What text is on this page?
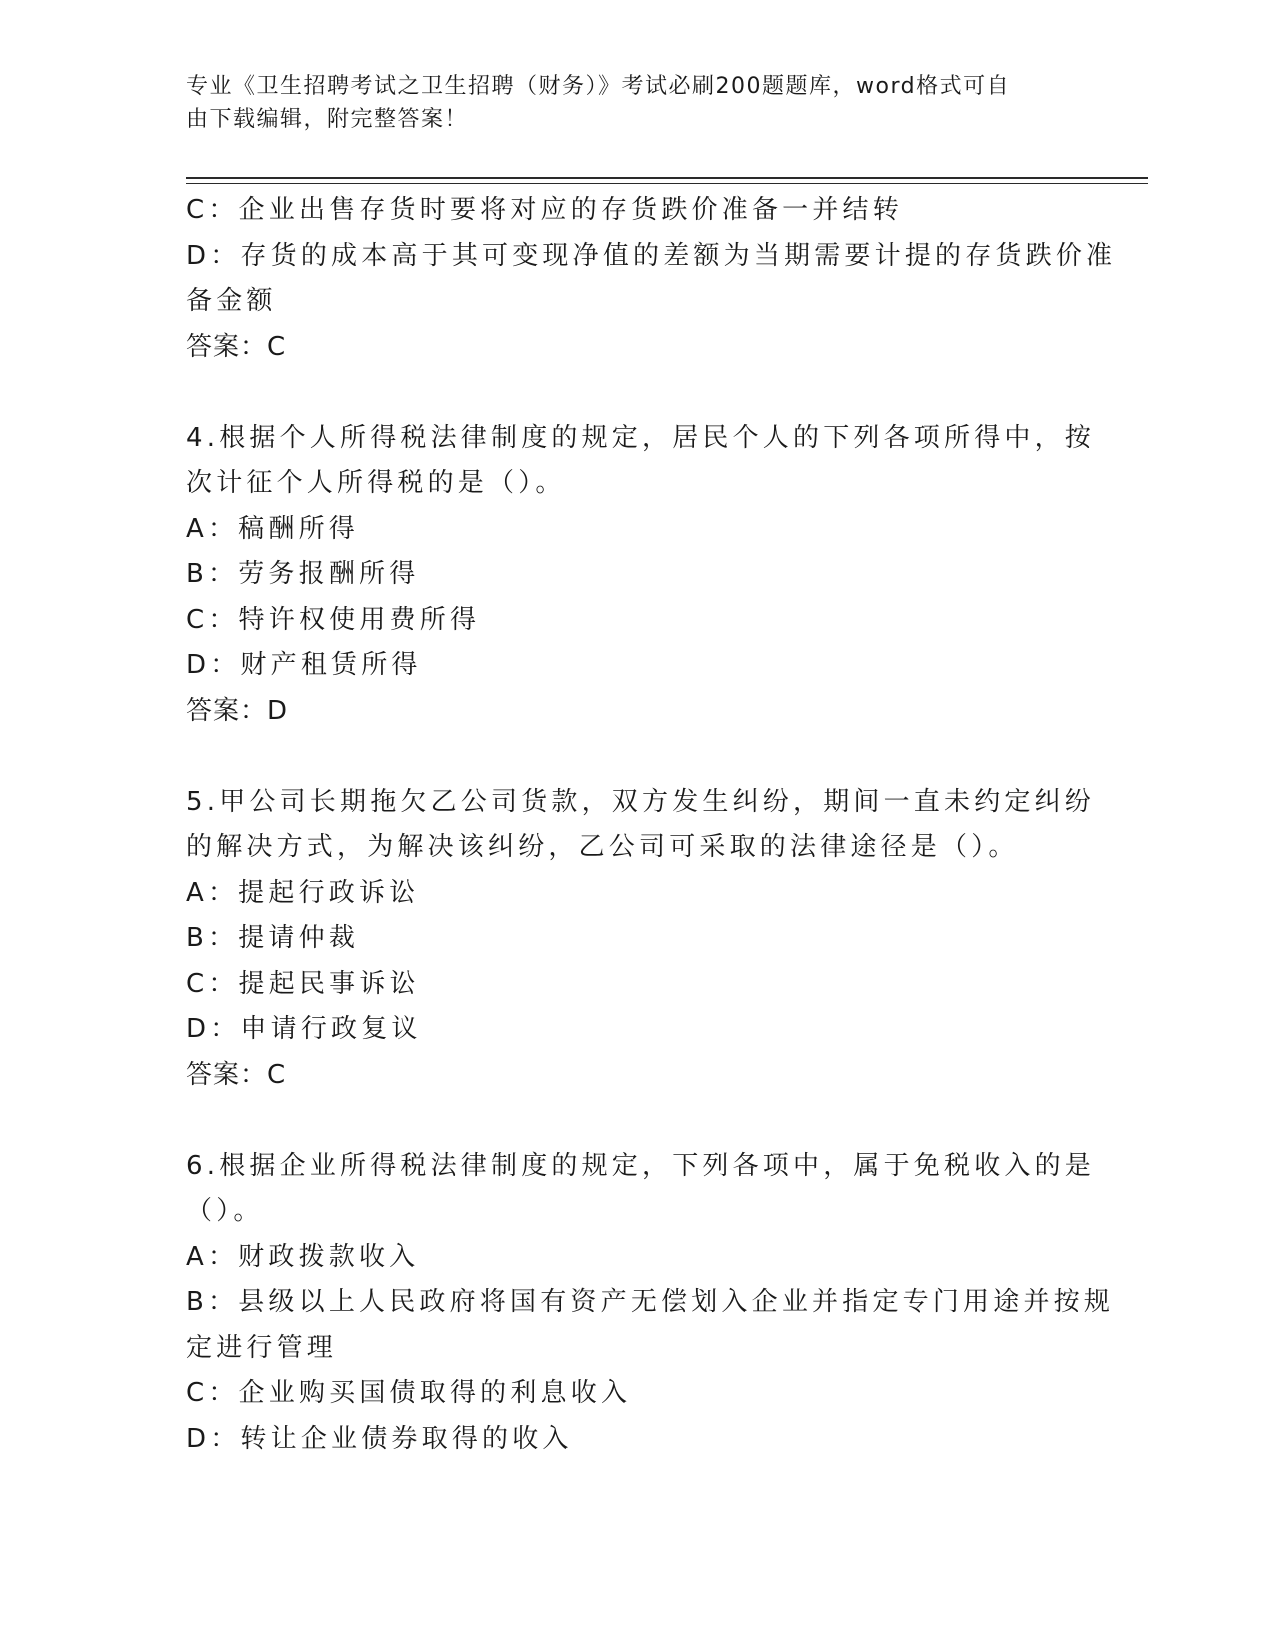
专业《卫生招聘考试之卫生招聘（财务）》考试必刷200题题库，word格式可自
由下载编辑，附完整答案！
C：企业出售存货时要将对应的存货跌价准备一并结转
D：存货的成本高于其可变现净值的差额为当期需要计提的存货跌价准
备金额
答案：C
4.根据个人所得税法律制度的规定，居民个人的下列各项所得中，按
次计征个人所得税的是（）。
A：稿酬所得
B：劳务报酬所得
C：特许权使用费所得
D：财产租赁所得
答案：D
5.甲公司长期拖欠乙公司货款，双方发生纠纷，期间一直未约定纠纷
的解决方式，为解决该纠纷，乙公司可采取的法律途径是（）。
A：提起行政诉讼
B：提请仲裁
C：提起民事诉讼
D：申请行政复议
答案：C
6.根据企业所得税法律制度的规定，下列各项中，属于免税收入的是
（）。
A：财政拨款收入
B：县级以上人民政府将国有资产无偿划入企业并指定专门用途并按规
定进行管理
C：企业购买国债取得的利息收入
D：转让企业债券取得的收入
